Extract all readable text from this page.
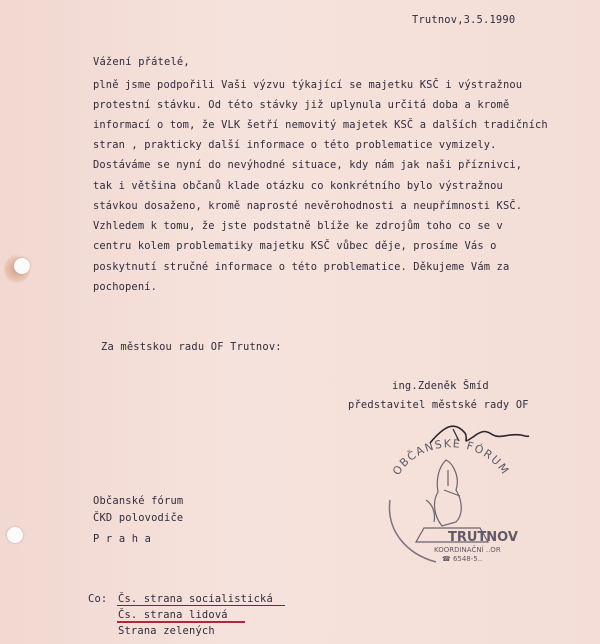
Trutnov,3.5.1990
Vážení přátelé,
plně jsme podpořili Vaši výzvu týkající se majetku KSČ i výstražnou
protestní stávku. Od této stávky již uplynula určitá doba a kromě
informací o tom, že VLK šetří nemovitý majetek KSČ a dalších tradičních
stran , prakticky další informace o této problematice vymizely.
Dostáváme se nyní do nevýhodné situace, kdy nám jak naši příznivci,
tak i většina občanů klade otázku co konkrétního bylo výstražnou
stávkou dosaženo, kromě naprosté nevěrohodnosti a neupřímnosti KSČ.
Vzhledem k tomu, že jste podstatně blíže ke zdrojům toho co se v
centru kolem problematiky majetku KSČ vůbec děje, prosíme Vás o
poskytnutí stručné informace o této problematice. Děkujeme Vám za
pochopení.
Za městskou radu OF Trutnov:
ing.Zdeněk Šmíd
představitel městské rady OF
OBČANSKÉ FÓRUM
TRUTNOV
KOORDINAČNÍ ..OR
☎ 6548-5..
Občanské fórum
ČKD polovodiče
P r a h a
Co: Čs. strana socialistická
Čs. strana lidová
Strana zelených
